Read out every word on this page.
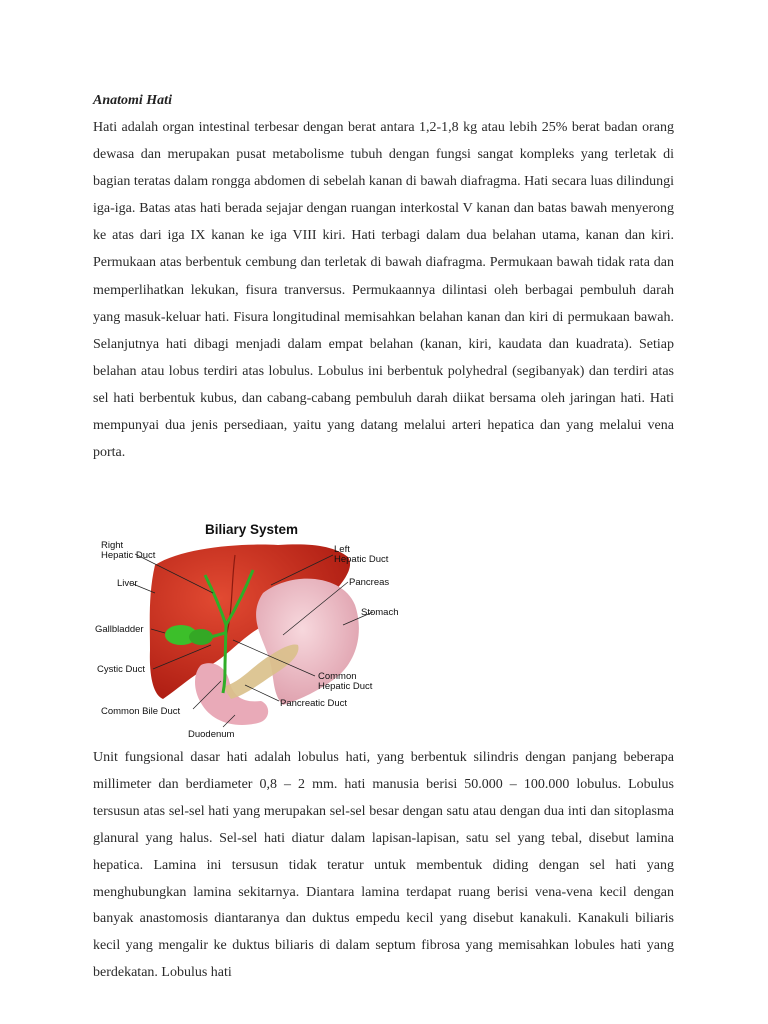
Anatomi Hati

Hati adalah organ intestinal terbesar dengan berat antara 1,2-1,8 kg atau lebih 25% berat badan orang dewasa dan merupakan pusat metabolisme tubuh dengan fungsi sangat kompleks yang terletak di bagian teratas dalam rongga abdomen di sebelah kanan di bawah diafragma. Hati secara luas dilindungi iga-iga. Batas atas hati berada sejajar dengan ruangan interkostal V kanan dan batas bawah menyerong ke atas dari iga IX kanan ke iga VIII kiri. Hati terbagi dalam dua belahan utama, kanan dan kiri. Permukaan atas berbentuk cembung dan terletak di bawah diafragma. Permukaan bawah tidak rata dan memperlihatkan lekukan, fisura tranversus. Permukaannya dilintasi oleh berbagai pembuluh darah yang masuk-keluar hati. Fisura longitudinal memisahkan belahan kanan dan kiri di permukaan bawah. Selanjutnya hati dibagi menjadi dalam empat belahan (kanan, kiri, kaudata dan kuadrata). Setiap belahan atau lobus terdiri atas lobulus. Lobulus ini berbentuk polyhedral (segibanyak) dan terdiri atas sel hati berbentuk kubus, dan cabang-cabang pembuluh darah diikat bersama oleh jaringan hati. Hati mempunyai dua jenis persediaan, yaitu yang datang melalui arteri hepatica dan yang melalui vena porta.

Biliary System
Right
Hepatic Duct
Left
Hepatic Duct
Liver	Pancreas
Stomach
Gallbladder
Cystic Duct
Common
Hepatic Duct
Common Bile Duct
Pancreatic Duct
Duodenum

Unit fungsional dasar hati adalah lobulus hati, yang berbentuk silindris dengan panjang beberapa millimeter dan berdiameter 0,8 – 2 mm. hati manusia berisi 50.000 – 100.000 lobulus. Lobulus tersusun atas sel-sel hati yang merupakan sel-sel besar dengan satu atau dengan dua inti dan sitoplasma glanural yang halus. Sel-sel hati diatur dalam lapisan-lapisan, satu sel yang tebal, disebut lamina hepatica. Lamina ini tersusun tidak teratur untuk membentuk diding dengan sel hati yang menghubungkan lamina sekitarnya. Diantara lamina terdapat ruang berisi vena-vena kecil dengan banyak anastomosis diantaranya dan duktus empedu kecil yang disebut kanakuli. Kanakuli biliaris kecil yang mengalir ke duktus biliaris di dalam septum fibrosa yang memisahkan lobules hati yang berdekatan. Lobulus hati
